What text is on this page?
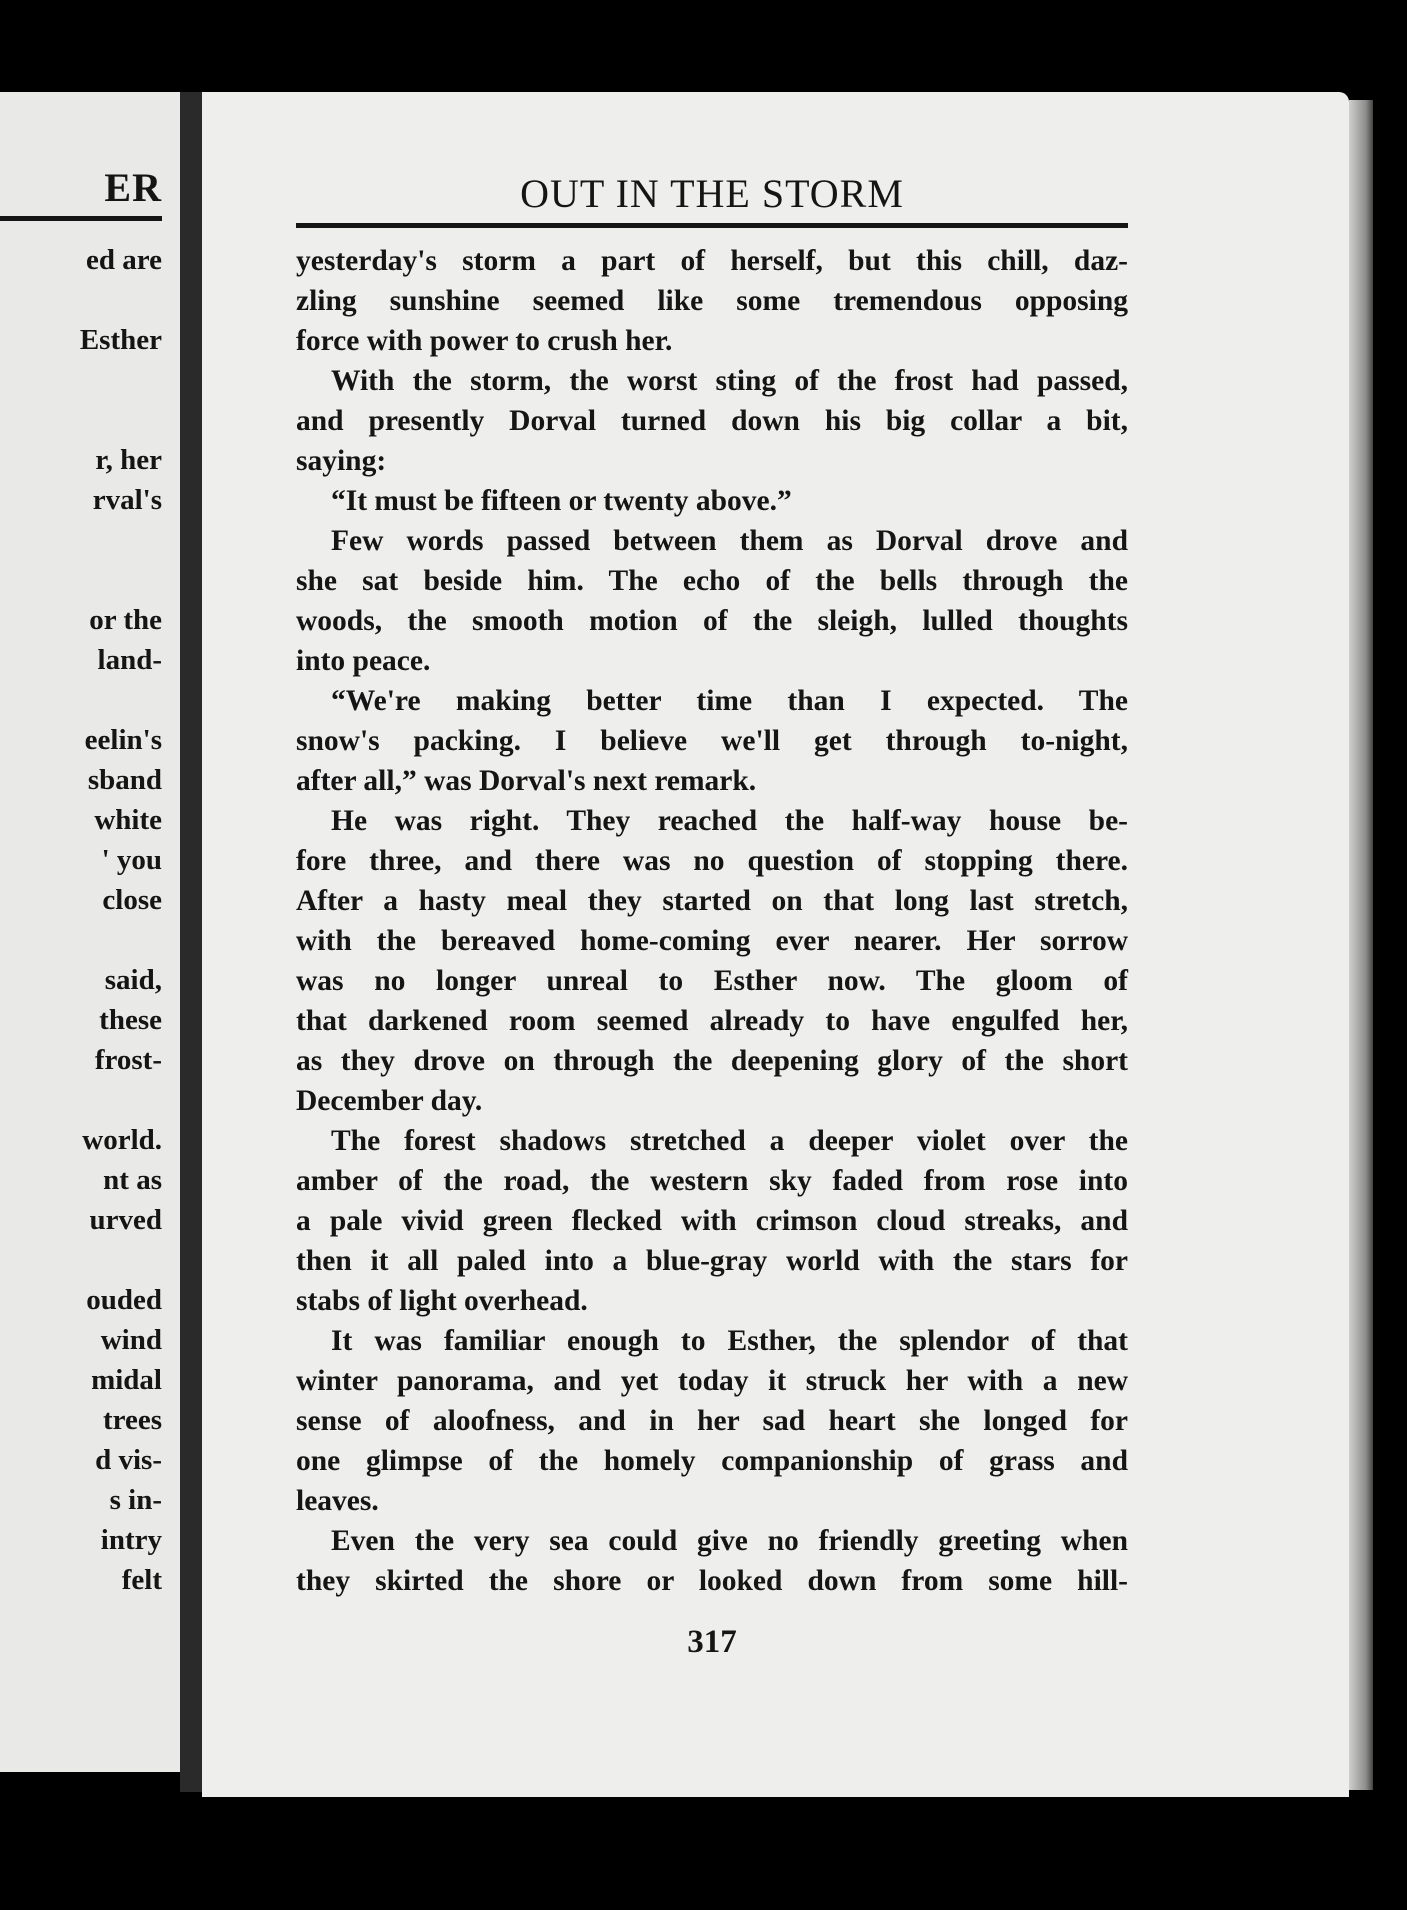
ER
ed are

Esther

r, her
rval's

or the
land-

eelin's
sband
white
' you
close

said,
these
frost-

world.
nt as
urved

ouded
wind
midal
trees
d vis-
s in-
intry
felt
OUT IN THE STORM
yesterday's storm a part of herself, but this chill, daz-
zling sunshine seemed like some tremendous opposing
force with power to crush her.
With the storm, the worst sting of the frost had passed,
and presently Dorval turned down his big collar a bit,
saying:
“It must be fifteen or twenty above.”
Few words passed between them as Dorval drove and
she sat beside him. The echo of the bells through the
woods, the smooth motion of the sleigh, lulled thoughts
into peace.
“We're making better time than I expected. The
snow's packing. I believe we'll get through to-night,
after all,” was Dorval's next remark.
He was right. They reached the half-way house be-
fore three, and there was no question of stopping there.
After a hasty meal they started on that long last stretch,
with the bereaved home-coming ever nearer. Her sorrow
was no longer unreal to Esther now. The gloom of
that darkened room seemed already to have engulfed her,
as they drove on through the deepening glory of the short
December day.
The forest shadows stretched a deeper violet over the
amber of the road, the western sky faded from rose into
a pale vivid green flecked with crimson cloud streaks, and
then it all paled into a blue-gray world with the stars for
stabs of light overhead.
It was familiar enough to Esther, the splendor of that
winter panorama, and yet today it struck her with a new
sense of aloofness, and in her sad heart she longed for
one glimpse of the homely companionship of grass and
leaves.
Even the very sea could give no friendly greeting when
they skirted the shore or looked down from some hill-
317
